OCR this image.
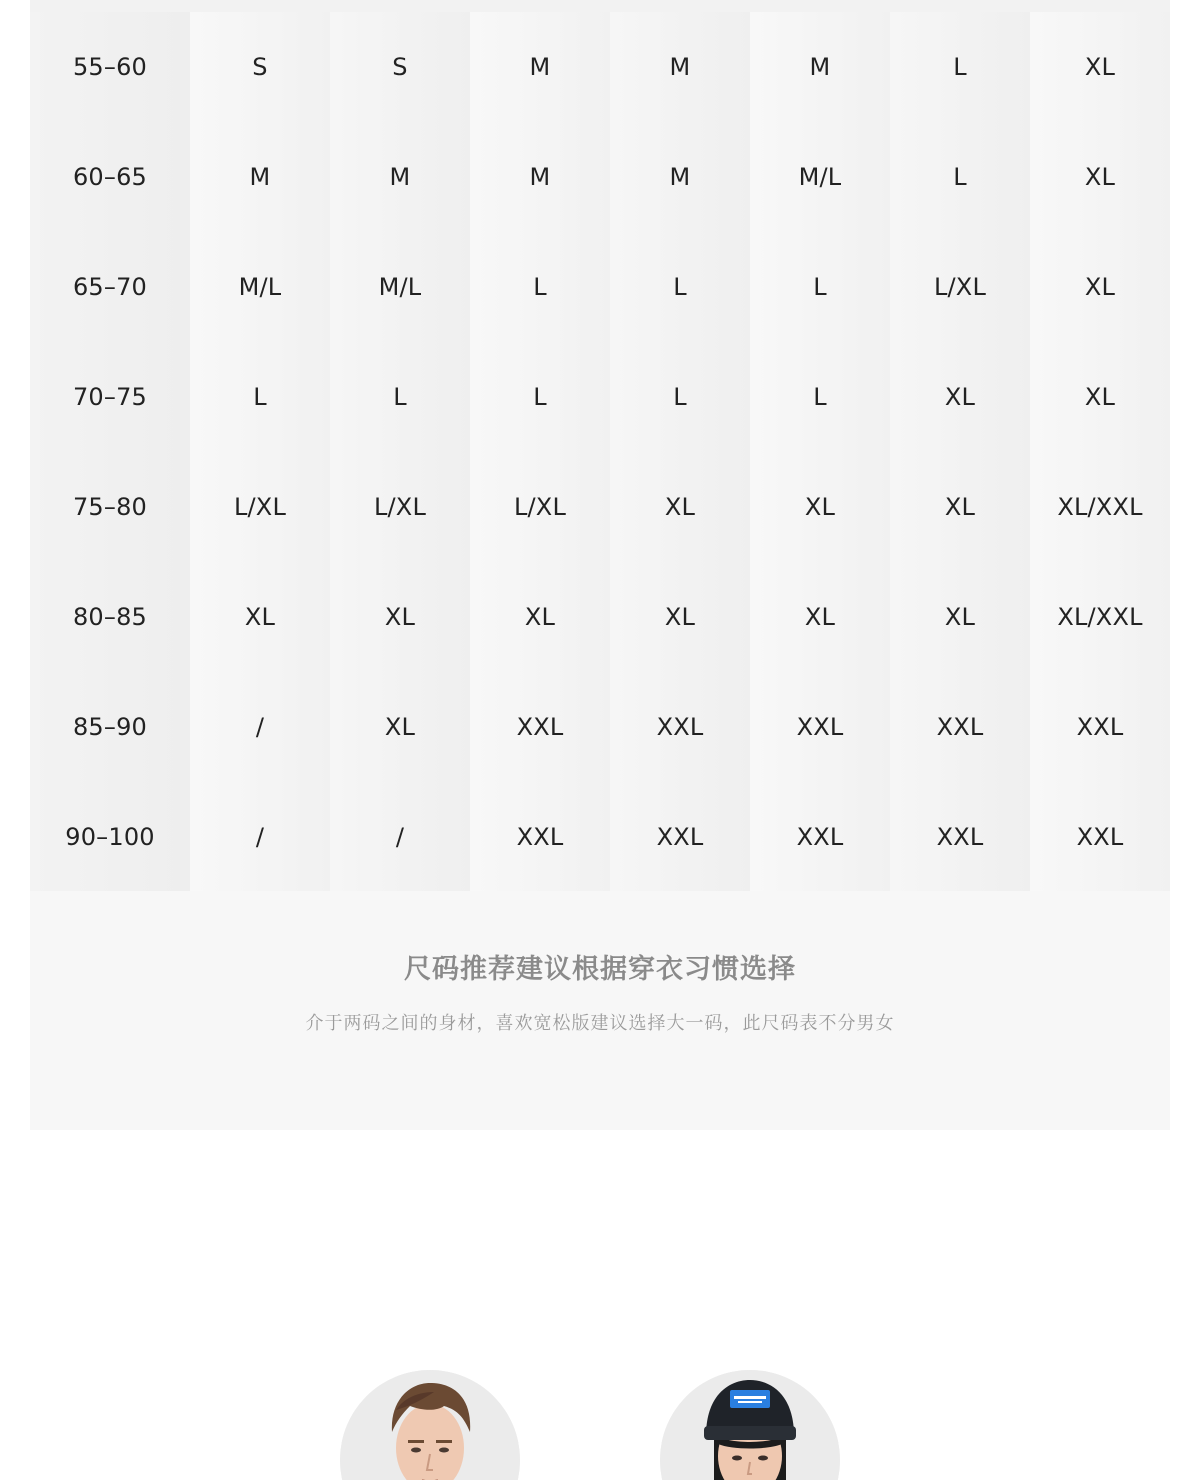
55–60	S	S	M	M	M	L	XL
60–65	M	M	M	M	M/L	L	XL
65–70	M/L	M/L	L	L	L	L/XL	XL
70–75	L	L	L	L	L	XL	XL
75–80	L/XL	L/XL	L/XL	XL	XL	XL	XL/XXL
80–85	XL	XL	XL	XL	XL	XL	XL/XXL
85–90	/	XL	XXL	XXL	XXL	XXL	XXL
90–100	/	/	XXL	XXL	XXL	XXL	XXL
尺码推荐建议根据穿衣习惯选择
介于两码之间的身材，喜欢宽松版建议选择大一码，此尺码表不分男女
